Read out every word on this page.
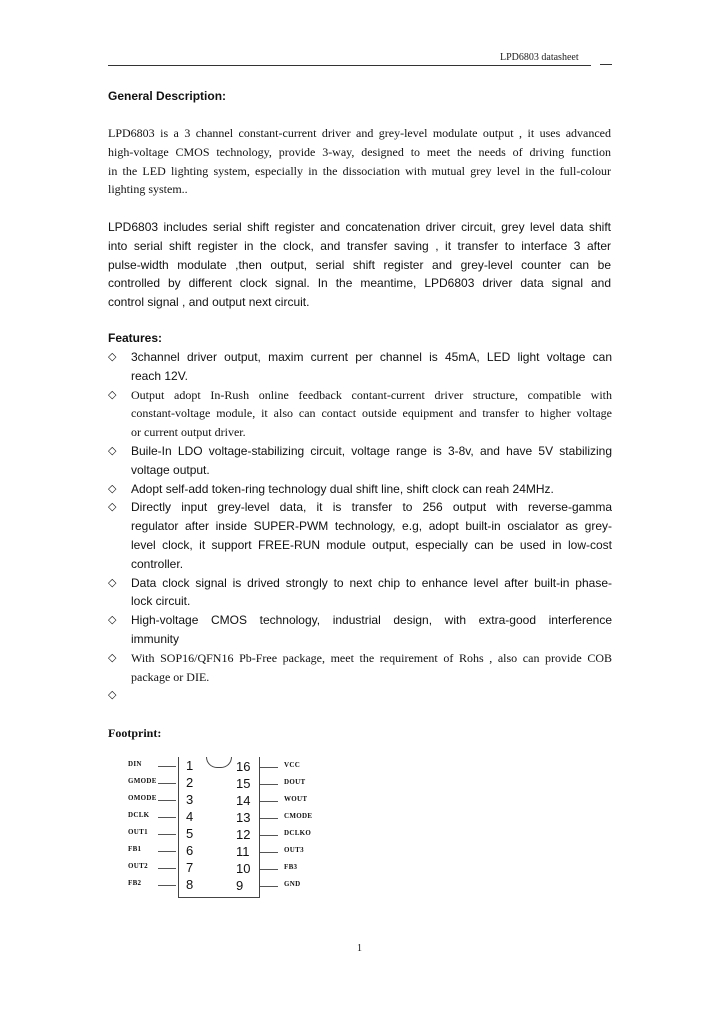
LPD6803 datasheet
General Description:
LPD6803 is a 3 channel constant-current driver and grey-level modulate output , it uses advanced
high-voltage CMOS technology, provide 3-way, designed to meet the needs of driving function
in the LED lighting system, especially in the dissociation with mutual grey level in the full-colour
lighting system..
LPD6803 includes serial shift register and concatenation driver circuit, grey level data shift
into serial shift register in the clock, and transfer saving , it transfer to interface 3 after
pulse-width modulate ,then output, serial shift register and grey-level counter can be
controlled by different clock signal. In the meantime, LPD6803 driver data signal and
control signal , and output next circuit.
Features:
◇ 3channel driver output, maxim current per channel is 45mA, LED light voltage can
reach 12V.
◇ Output adopt In-Rush online feedback contant-current driver structure, compatible with
constant-voltage module, it also can contact outside equipment and transfer to higher voltage
or current output driver.
◇ Buile-In LDO voltage-stabilizing circuit, voltage range is 3-8v, and have 5V stabilizing
voltage output.
◇ Adopt self-add token-ring technology dual shift line, shift clock can reah 24MHz.
◇ Directly input grey-level data, it is transfer to 256 output with reverse-gamma
regulator after inside SUPER-PWM technology, e.g, adopt built-in oscialator as grey-
level clock, it support FREE-RUN module output, especially can be used in low-cost
controller.
◇ Data clock signal is drived strongly to next chip to enhance level after built-in phase-
lock circuit.
◇ High-voltage CMOS technology, industrial design, with extra-good interference
immunity
◇ With SOP16/QFN16 Pb-Free package, meet the requirement of Rohs , also can provide COB
package or DIE.
◇

Footprint:
DIN	1	16	VCC
GMODE 2	15	DOUT
OMODE 3	14	WOUT
DCLK	4	13	CMODE
OUT1	5	12	DCLKO
FB1	6	11	OUT3
OUT2	7	10	FB3
FB2	8	9	GND
1
